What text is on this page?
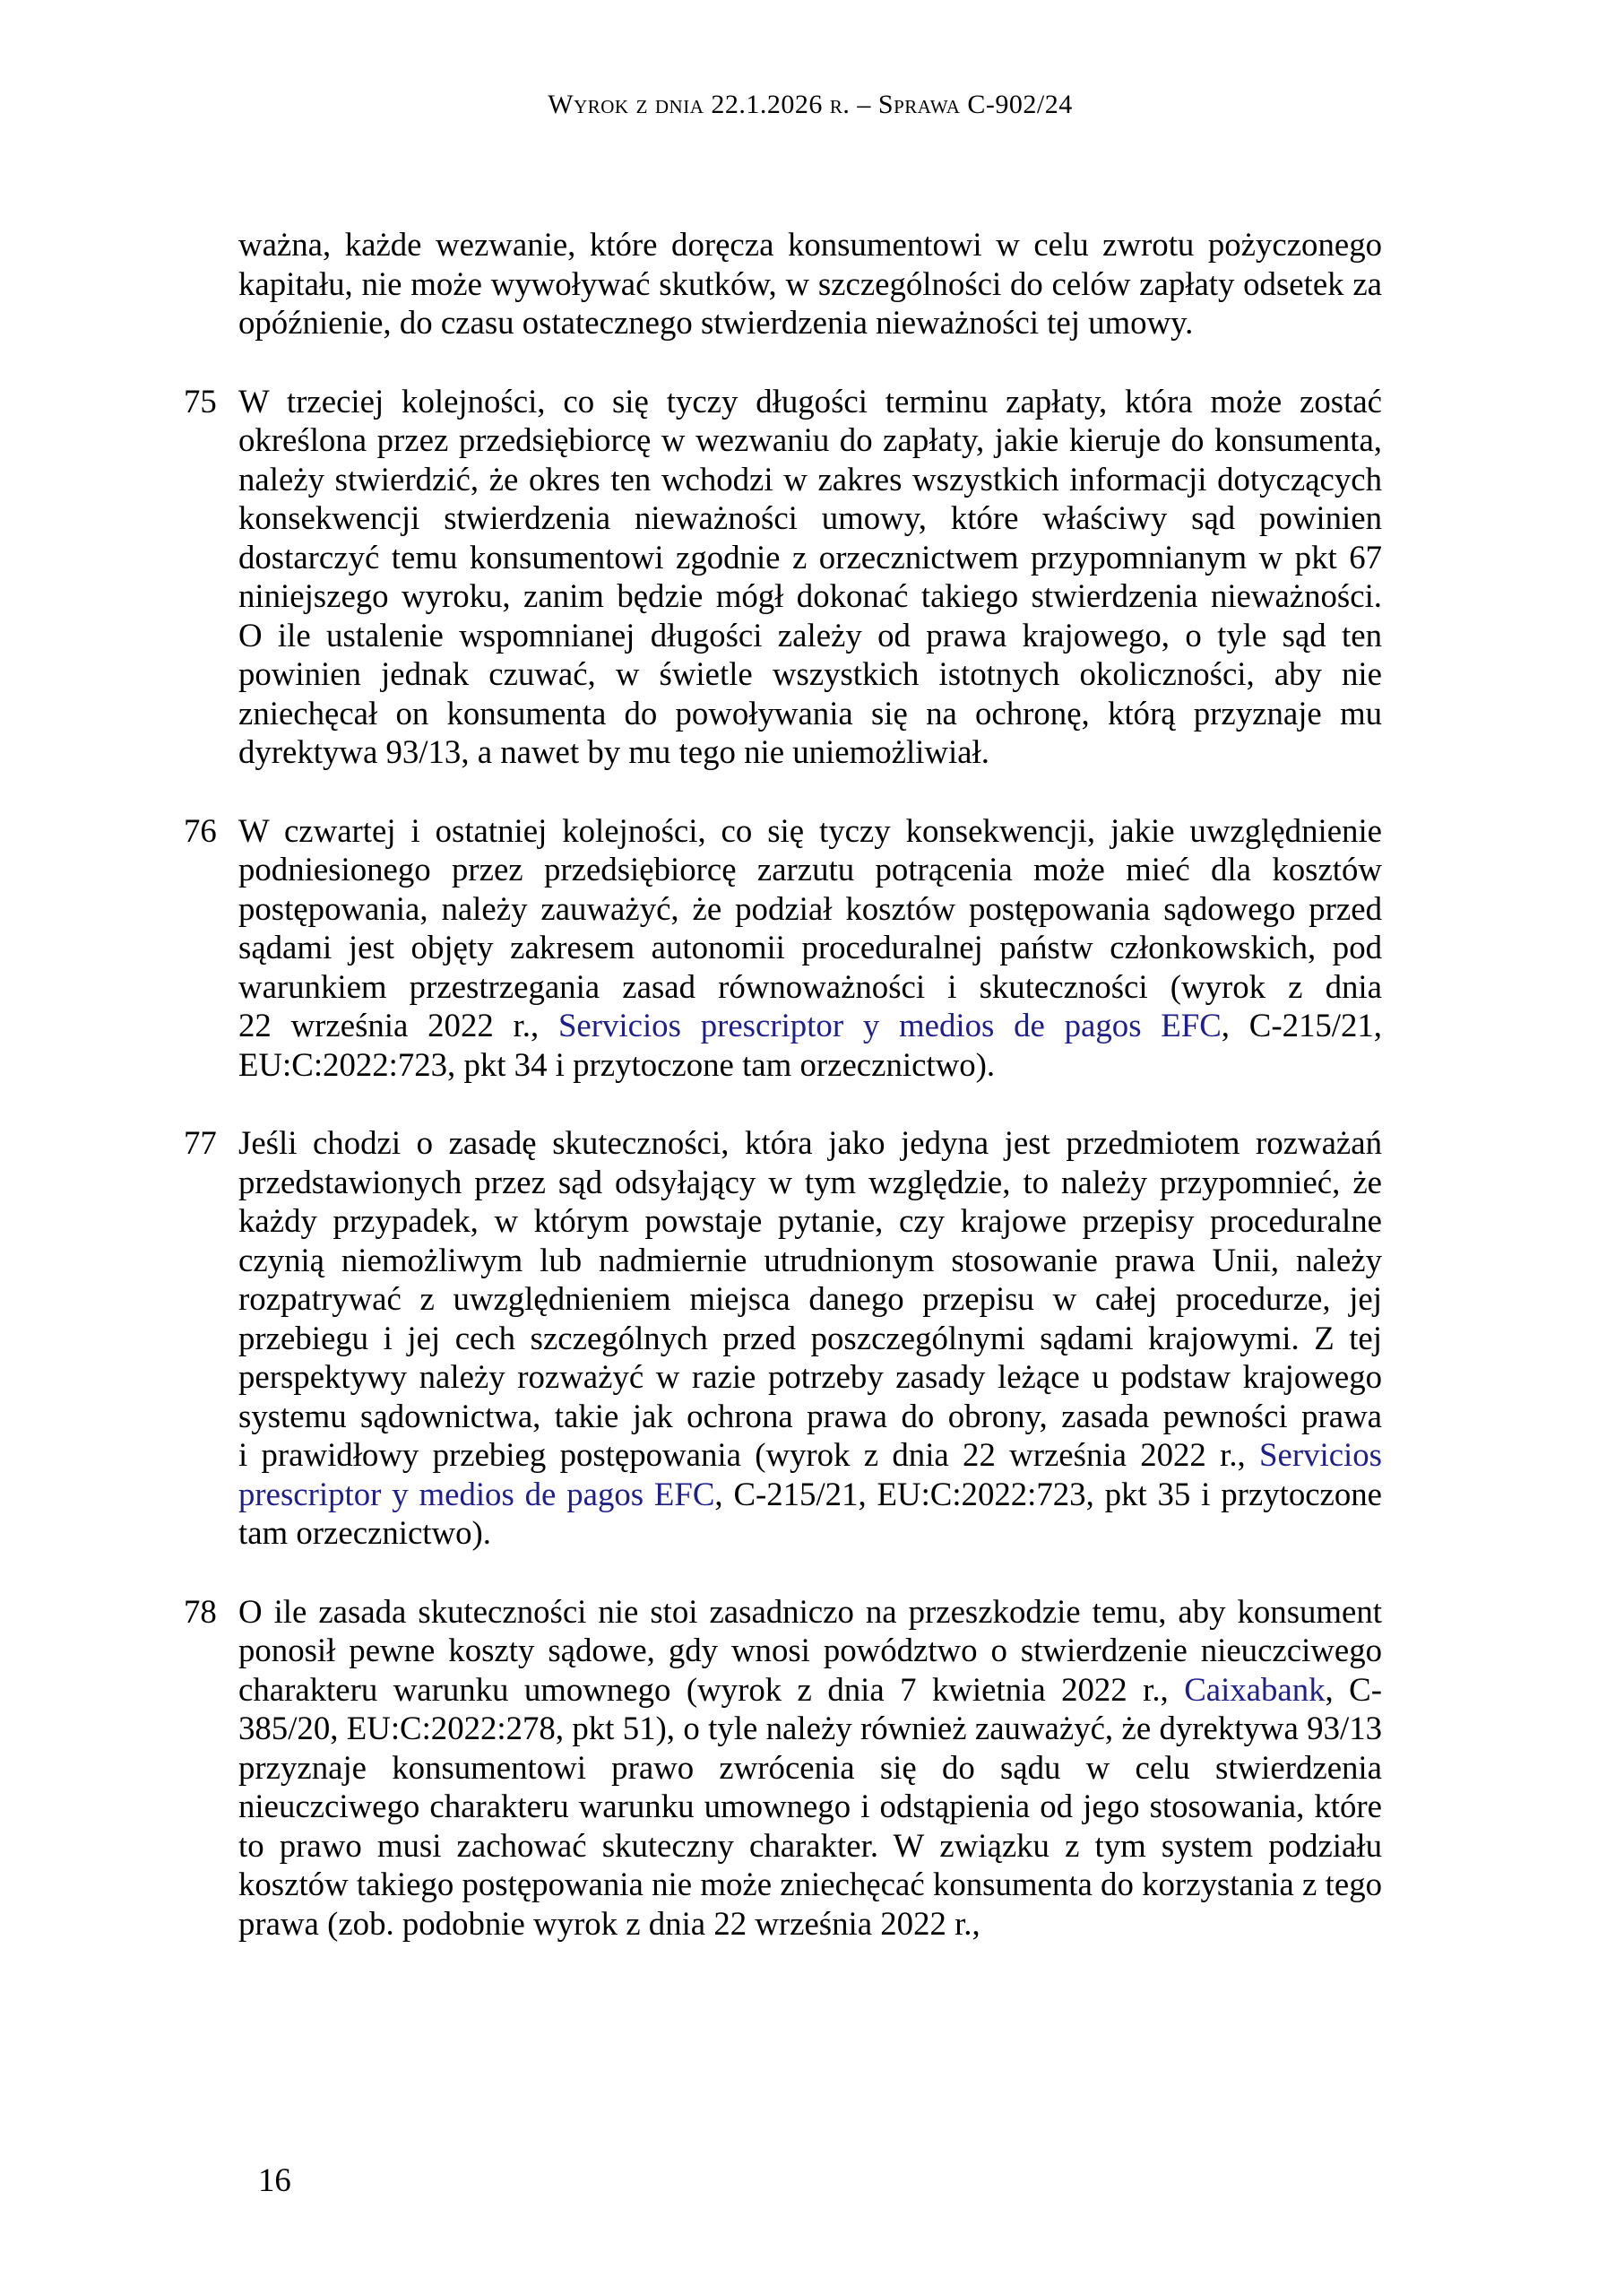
Wyrok z dnia 22.1.2026 r. – Sprawa C-902/24
ważna, każde wezwanie, które doręcza konsumentowi w celu zwrotu pożyczonego kapitału, nie może wywoływać skutków, w szczególności do celów zapłaty odsetek za opóźnienie, do czasu ostatecznego stwierdzenia nieważności tej umowy.
75 W trzeciej kolejności, co się tyczy długości terminu zapłaty, która może zostać określona przez przedsiębiorcę w wezwaniu do zapłaty, jakie kieruje do konsumenta, należy stwierdzić, że okres ten wchodzi w zakres wszystkich informacji dotyczących konsekwencji stwierdzenia nieważności umowy, które właściwy sąd powinien dostarczyć temu konsumentowi zgodnie z orzecznictwem przypomnianym w pkt 67 niniejszego wyroku, zanim będzie mógł dokonać takiego stwierdzenia nieważności. O ile ustalenie wspomnianej długości zależy od prawa krajowego, o tyle sąd ten powinien jednak czuwać, w świetle wszystkich istotnych okoliczności, aby nie zniechęcał on konsumenta do powoływania się na ochronę, którą przyznaje mu dyrektywa 93/13, a nawet by mu tego nie uniemożliwiał.
76 W czwartej i ostatniej kolejności, co się tyczy konsekwencji, jakie uwzględnienie podniesionego przez przedsiębiorcę zarzutu potrącenia może mieć dla kosztów postępowania, należy zauważyć, że podział kosztów postępowania sądowego przed sądami jest objęty zakresem autonomii proceduralnej państw członkowskich, pod warunkiem przestrzegania zasad równoważności i skuteczności (wyrok z dnia 22 września 2022 r., Servicios prescriptor y medios de pagos EFC, C-215/21, EU:C:2022:723, pkt 34 i przytoczone tam orzecznictwo).
77 Jeśli chodzi o zasadę skuteczności, która jako jedyna jest przedmiotem rozważań przedstawionych przez sąd odsyłający w tym względzie, to należy przypomnieć, że każdy przypadek, w którym powstaje pytanie, czy krajowe przepisy proceduralne czynią niemożliwym lub nadmiernie utrudnionym stosowanie prawa Unii, należy rozpatrywać z uwzględnieniem miejsca danego przepisu w całej procedurze, jej przebiegu i jej cech szczególnych przed poszczególnymi sądami krajowymi. Z tej perspektywy należy rozważyć w razie potrzeby zasady leżące u podstaw krajowego systemu sądownictwa, takie jak ochrona prawa do obrony, zasada pewności prawa i prawidłowy przebieg postępowania (wyrok z dnia 22 września 2022 r., Servicios prescriptor y medios de pagos EFC, C-215/21, EU:C:2022:723, pkt 35 i przytoczone tam orzecznictwo).
78 O ile zasada skuteczności nie stoi zasadniczo na przeszkodzie temu, aby konsument ponosił pewne koszty sądowe, gdy wnosi powództwo o stwierdzenie nieuczciwego charakteru warunku umownego (wyrok z dnia 7 kwietnia 2022 r., Caixabank, C-385/20, EU:C:2022:278, pkt 51), o tyle należy również zauważyć, że dyrektywa 93/13 przyznaje konsumentowi prawo zwrócenia się do sądu w celu stwierdzenia nieuczciwego charakteru warunku umownego i odstąpienia od jego stosowania, które to prawo musi zachować skuteczny charakter. W związku z tym system podziału kosztów takiego postępowania nie może zniechęcać konsumenta do korzystania z tego prawa (zob. podobnie wyrok z dnia 22 września 2022 r.,
16
